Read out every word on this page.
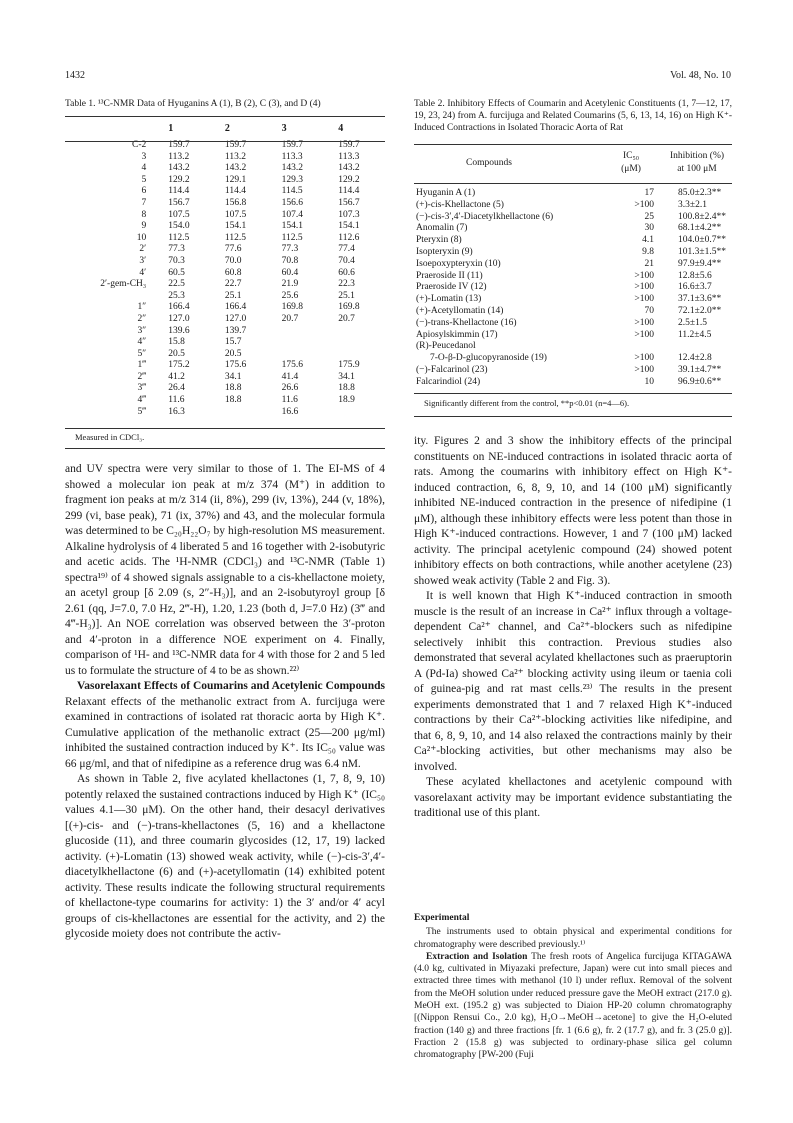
1432	Vol. 48, No. 10
Table 1. ¹³C-NMR Data of Hyuganins A (1), B (2), C (3), and D (4)
	1	2	3	4
C-2	159.7	159.7	159.7	159.7
3	113.2	113.2	113.3	113.3
4	143.2	143.2	143.2	143.2
5	129.2	129.1	129.3	129.2
6	114.4	114.4	114.5	114.4
7	156.7	156.8	156.6	156.7
8	107.5	107.5	107.4	107.3
9	154.0	154.1	154.1	154.1
10	112.5	112.5	112.5	112.6
2′	77.3	77.6	77.3	77.4
3′	70.3	70.0	70.8	70.4
4′	60.5	60.8	60.4	60.6
2′-gem-CH₃	22.5	22.7	21.9	22.3
	25.3	25.1	25.6	25.1
1″	166.4	166.4	169.8	169.8
2″	127.0	127.0	20.7	20.7
3″	139.6	139.7		
4″	15.8	15.7		
5″	20.5	20.5		
1‴	175.2	175.6	175.6	175.9
2‴	41.2	34.1	41.4	34.1
3‴	26.4	18.8	26.6	18.8
4‴	11.6	18.8	11.6	18.9
5‴	16.3		16.6	
Measured in CDCl₃.
Table 2. Inhibitory Effects of Coumarin and Acetylenic Constituents (1, 7—12, 17, 19, 23, 24) from A. furcijuga and Related Coumarins (5, 6, 13, 14, 16) on High K⁺-Induced Contractions in Isolated Thoracic Aorta of Rat
Compounds
IC₅₀
(μM)
Inhibition (%)
at 100 μM
Hyuganin A (1)	17	85.0±2.3**
(+)-cis-Khellactone (5)	>100	3.3±2.1
(−)-cis-3′,4′-Diacetylkhellactone (6)	25	100.8±2.4**
Anomalin (7)	30	68.1±4.2**
Pteryxin (8)	4.1	104.0±0.7**
Isopteryxin (9)	9.8	101.3±1.5**
Isoepoxypteryxin (10)	21	97.9±9.4**
Praeroside II (11)	>100	12.8±5.6
Praeroside IV (12)	>100	16.6±3.7
(+)-Lomatin (13)	>100	37.1±3.6**
(+)-Acetyllomatin (14)	70	72.1±2.0**
(−)-trans-Khellactone (16)	>100	2.5±1.5
Apiosylskimmin (17)	>100	11.2±4.5
(R)-Peucedanol		
7-O-β-D-glucopyranoside (19)	>100	12.4±2.8
(−)-Falcarinol (23)	>100	39.1±4.7**
Falcarindiol (24)	10	96.9±0.6**
Significantly different from the control, **p<0.01 (n=4—6).

and UV spectra were very similar to those of 1. The EI-MS of 4 showed a molecular ion peak at m/z 374 (M⁺) in addition to fragment ion peaks at m/z 314 (ii, 8%), 299 (iv, 13%), 244 (v, 18%), 299 (vi, base peak), 71 (ix, 37%) and 43, and the molecular formula was determined to be C₂₀H₂₂O₇ by high-resolution MS measurement. Alkaline hydrolysis of 4 liberated 5 and 16 together with 2-isobutyric and acetic acids. The ¹H-NMR (CDCl₃) and ¹³C-NMR (Table 1) spectra¹⁹⁾ of 4 showed signals assignable to a cis-khellactone moiety, an acetyl group [δ 2.09 (s, 2″-H₃)], and an 2-isobutyroyl group [δ 2.61 (qq, J=7.0, 7.0 Hz, 2‴-H), 1.20, 1.23 (both d, J=7.0 Hz) (3‴ and 4‴-H₃)]. An NOE correlation was observed between the 3′-proton and 4′-proton in a difference NOE experiment on 4. Finally, comparison of ¹H- and ¹³C-NMR data for 4 with those for 2 and 5 led us to formulate the structure of 4 to be as shown.²²⁾

Vasorelaxant Effects of Coumarins and Acetylenic Compounds Relaxant effects of the methanolic extract from A. furcijuga were examined in contractions of isolated rat thoracic aorta by High K⁺. Cumulative application of the methanolic extract (25—200 μg/ml) inhibited the sustained contraction induced by K⁺. Its IC₅₀ value was 66 μg/ml, and that of nifedipine as a reference drug was 6.4 nM.

As shown in Table 2, five acylated khellactones (1, 7, 8, 9, 10) potently relaxed the sustained contractions induced by High K⁺ (IC₅₀ values 4.1—30 μM). On the other hand, their desacyl derivatives [(+)-cis- and (−)-trans-khellactones (5, 16) and a khellactone glucoside (11), and three coumarin glycosides (12, 17, 19) lacked activity. (+)-Lomatin (13) showed weak activity, while (−)-cis-3′,4′-diacetylkhellactone (6) and (+)-acetyllomatin (14) exhibited potent activity. These results indicate the following structural requirements of khellactone-type coumarins for activity: 1) the 3′ and/or 4′ acyl groups of cis-khellactones are essential for the activity, and 2) the glycoside moiety does not contribute the activ-

ity. Figures 2 and 3 show the inhibitory effects of the principal constituents on NE-induced contractions in isolated thracic aorta of rats. Among the coumarins with inhibitory effect on High K⁺-induced contraction, 6, 8, 9, 10, and 14 (100 μM) significantly inhibited NE-induced contraction in the presence of nifedipine (1 μM), although these inhibitory effects were less potent than those in High K⁺-induced contractions. However, 1 and 7 (100 μM) lacked activity. The principal acetylenic compound (24) showed potent inhibitory effects on both contractions, while another acetylene (23) showed weak activity (Table 2 and Fig. 3).

It is well known that High K⁺-induced contraction in smooth muscle is the result of an increase in Ca²⁺ influx through a voltage-dependent Ca²⁺ channel, and Ca²⁺-blockers such as nifedipine selectively inhibit this contraction. Previous studies also demonstrated that several acylated khellactones such as praeruptorin A (Pd-Ia) showed Ca²⁺ blocking activity using ileum or taenia coli of guinea-pig and rat mast cells.²³⁾ The results in the present experiments demonstrated that 1 and 7 relaxed High K⁺-induced contractions by their Ca²⁺-blocking activities like nifedipine, and that 6, 8, 9, 10, and 14 also relaxed the contractions mainly by their Ca²⁺-blocking activities, but other mechanisms may also be involved.

These acylated khellactones and acetylenic compound with vasorelaxant activity may be important evidence substantiating the traditional use of this plant.

Experimental

The instruments used to obtain physical and experimental conditions for chromatography were described previously.¹⁾

Extraction and Isolation The fresh roots of Angelica furcijuga KITAGAWA (4.0 kg, cultivated in Miyazaki prefecture, Japan) were cut into small pieces and extracted three times with methanol (10 l) under reflux. Removal of the solvent from the MeOH solution under reduced pressure gave the MeOH extract (217.0 g). MeOH ext. (195.2 g) was subjected to Diaion HP-20 column chromatography [(Nippon Rensui Co., 2.0 kg), H₂O→MeOH→acetone] to give the H₂O-eluted fraction (140 g) and three fractions [fr. 1 (6.6 g), fr. 2 (17.7 g), and fr. 3 (25.0 g)]. Fraction 2 (15.8 g) was subjected to ordinary-phase silica gel column chromatography [PW-200 (Fuji
